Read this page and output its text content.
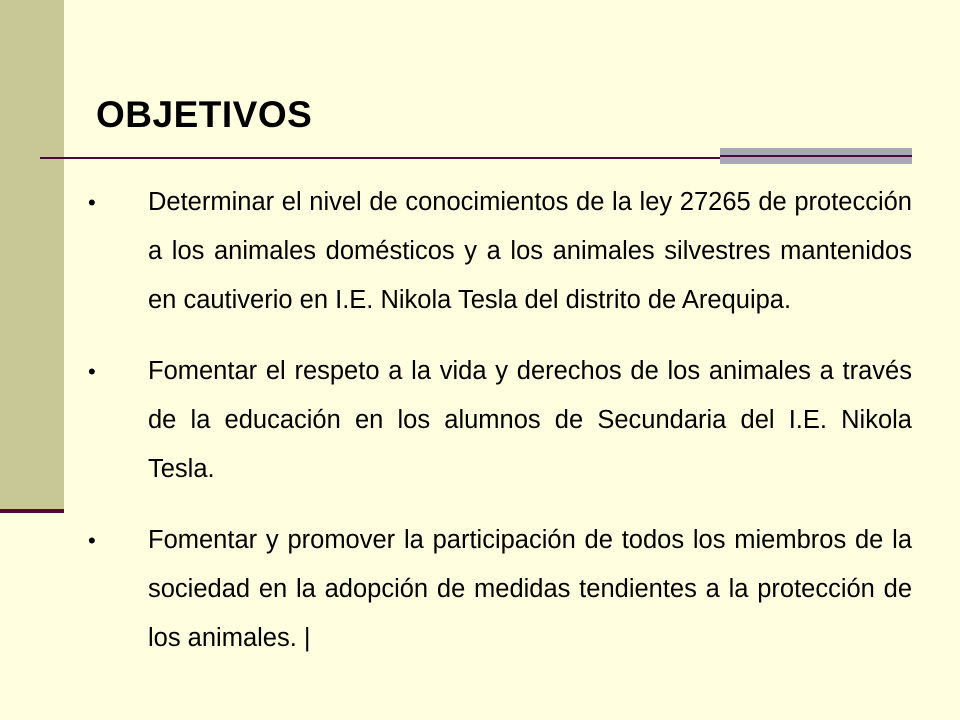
OBJETIVOS
• Determinar el nivel de conocimientos de la ley 27265 de protección a los animales domésticos y a los animales silvestres mantenidos en cautiverio en I.E. Nikola Tesla del distrito de Arequipa.
• Fomentar el respeto a la vida y derechos de los animales a través de la educación en los alumnos de Secundaria del I.E. Nikola Tesla.
• Fomentar y promover la participación de todos los miembros de la sociedad en la adopción de medidas tendientes a la protección de los animales. |
